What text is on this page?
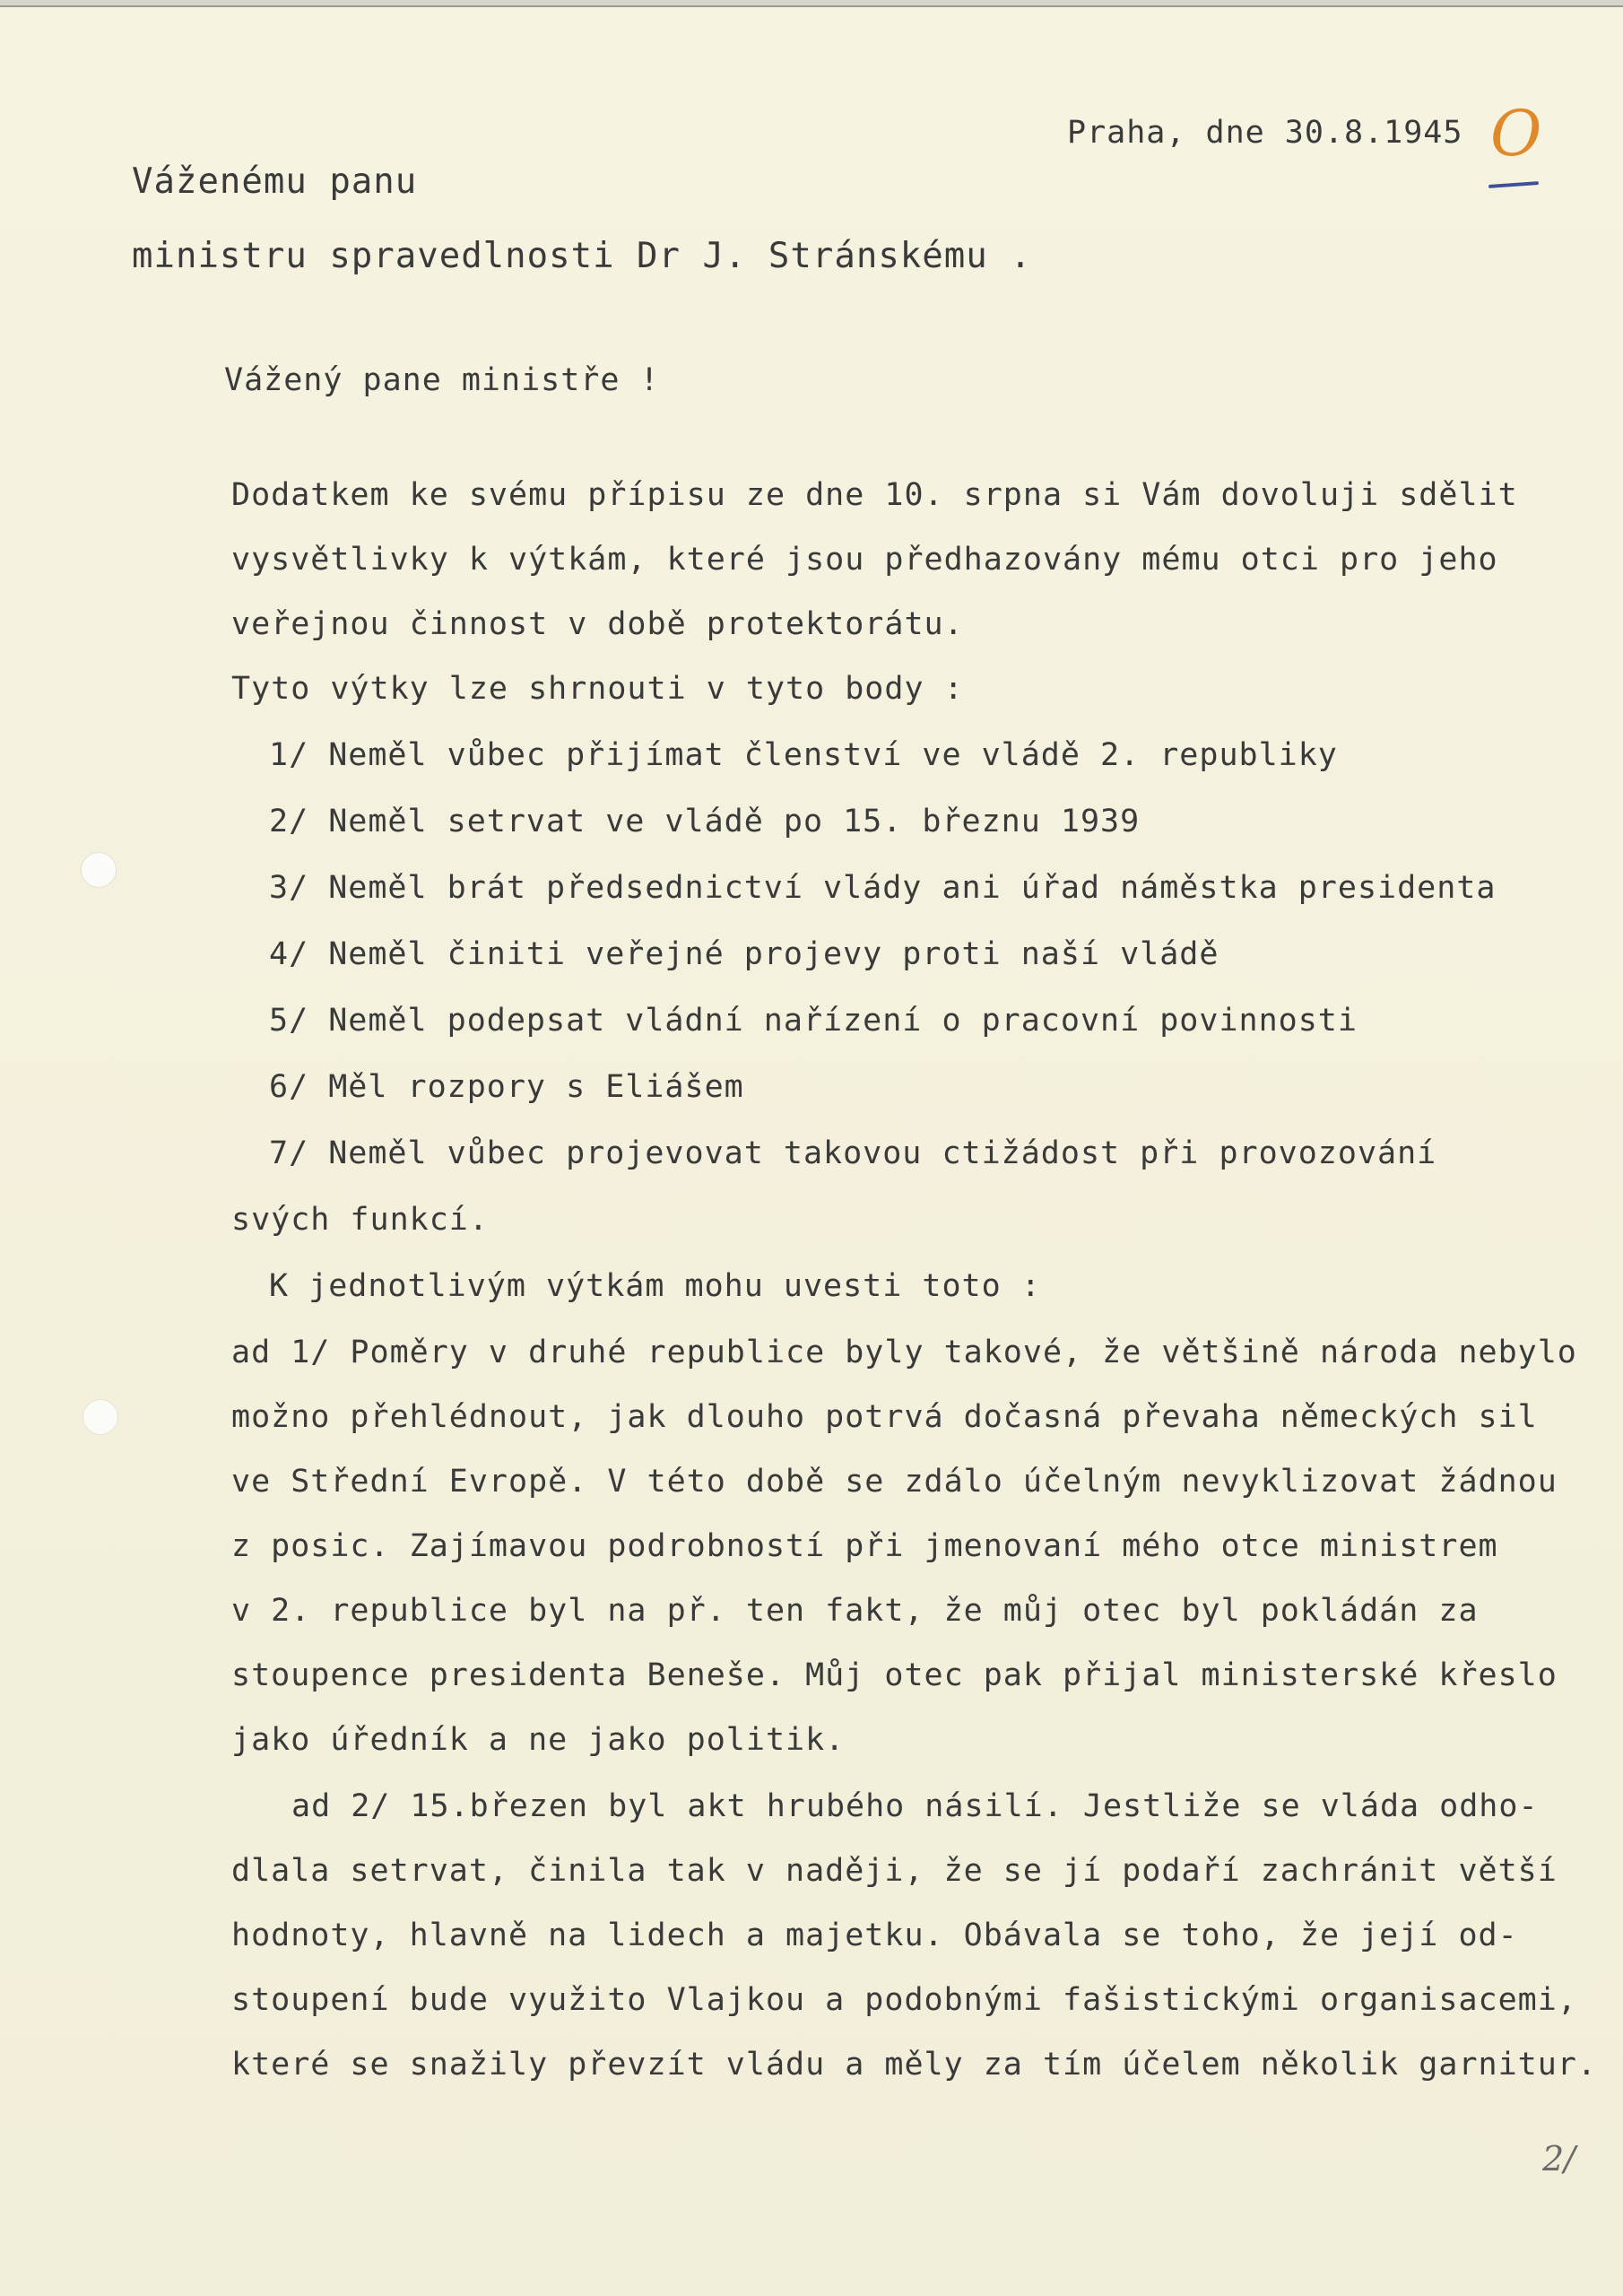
Praha, dne 30.8.1945 O
Váženému panu
ministru spravedlnosti Dr J. Stránskému .
Vážený pane ministře !
Dodatkem ke svému přípisu ze dne 10. srpna si Vám dovoluji sdělit
vysvětlivky k výtkám, které jsou předhazovány mému otci pro jeho
veřejnou činnost v době protektorátu.
Tyto výtky lze shrnouti v tyto body :
1/ Neměl vůbec přijímat členství ve vládě 2. republiky
2/ Neměl setrvat ve vládě po 15. březnu 1939
3/ Neměl brát předsednictví vlády ani úřad náměstka presidenta
4/ Neměl činiti veřejné projevy proti naší vládě
5/ Neměl podepsat vládní nařízení o pracovní povinnosti
6/ Měl rozpory s Eliášem
7/ Neměl vůbec projevovat takovou ctižádost při provozování
svých funkcí.
K jednotlivým výtkám mohu uvesti toto :
ad 1/ Poměry v druhé republice byly takové, že většině národa nebylo
možno přehlédnout, jak dlouho potrvá dočasná převaha německých sil
ve Střední Evropě. V této době se zdálo účelným nevyklizovat žádnou
z posic. Zajímavou podrobností při jmenovaní mého otce ministrem
v 2. republice byl na př. ten fakt, že můj otec byl pokládán za
stoupence presidenta Beneše. Můj otec pak přijal ministerské křeslo
jako úředník a ne jako politik.
ad 2/ 15.březen byl akt hrubého násilí. Jestliže se vláda odho-
dlala setrvat, činila tak v naději, že se jí podaří zachránit větší
hodnoty, hlavně na lidech a majetku. Obávala se toho, že její od-
stoupení bude využito Vlajkou a podobnými fašistickými organisacemi,
které se snažily převzít vládu a měly za tím účelem několik garnitur.
2/
